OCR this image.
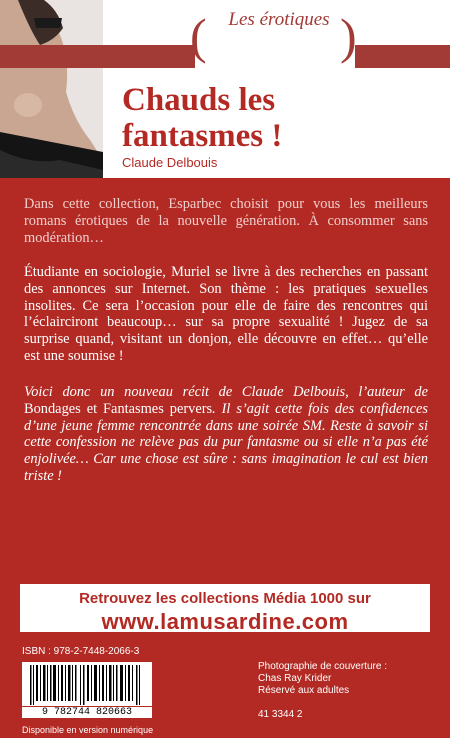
(	)
Les érotiques
d’Esparbec
Chauds les
fantasmes !
Claude Delbouis
Dans cette collection, Esparbec choisit pour vous les meilleurs romans érotiques de la nouvelle génération. À consommer sans modération…
Étudiante en sociologie, Muriel se livre à des recherches en passant des annonces sur Internet. Son thème : les pratiques sexuelles insolites. Ce sera l’occasion pour elle de faire des rencontres qui l’éclairciront beaucoup… sur sa propre sexualité ! Jugez de sa surprise quand, visitant un donjon, elle découvre en effet… qu’elle est une soumise !
Voici donc un nouveau récit de Claude Delbouis, l’auteur de Bondages et Fantasmes pervers. Il s’agit cette fois des confidences d’une jeune femme rencontrée dans une soirée SM. Reste à savoir si cette confession ne relève pas du pur fantasme ou si elle n’a pas été enjolivée… Car une chose est sûre : sans imagination le cul est bien triste !
Retrouvez les collections Média 1000 sur
www.lamusardine.com
ISBN : 978-2-7448-2066-3
9 782744 820663
Disponible en version numérique
Photographie de couverture :
Chas Ray Krider
Réservé aux adultes
41 3344 2
